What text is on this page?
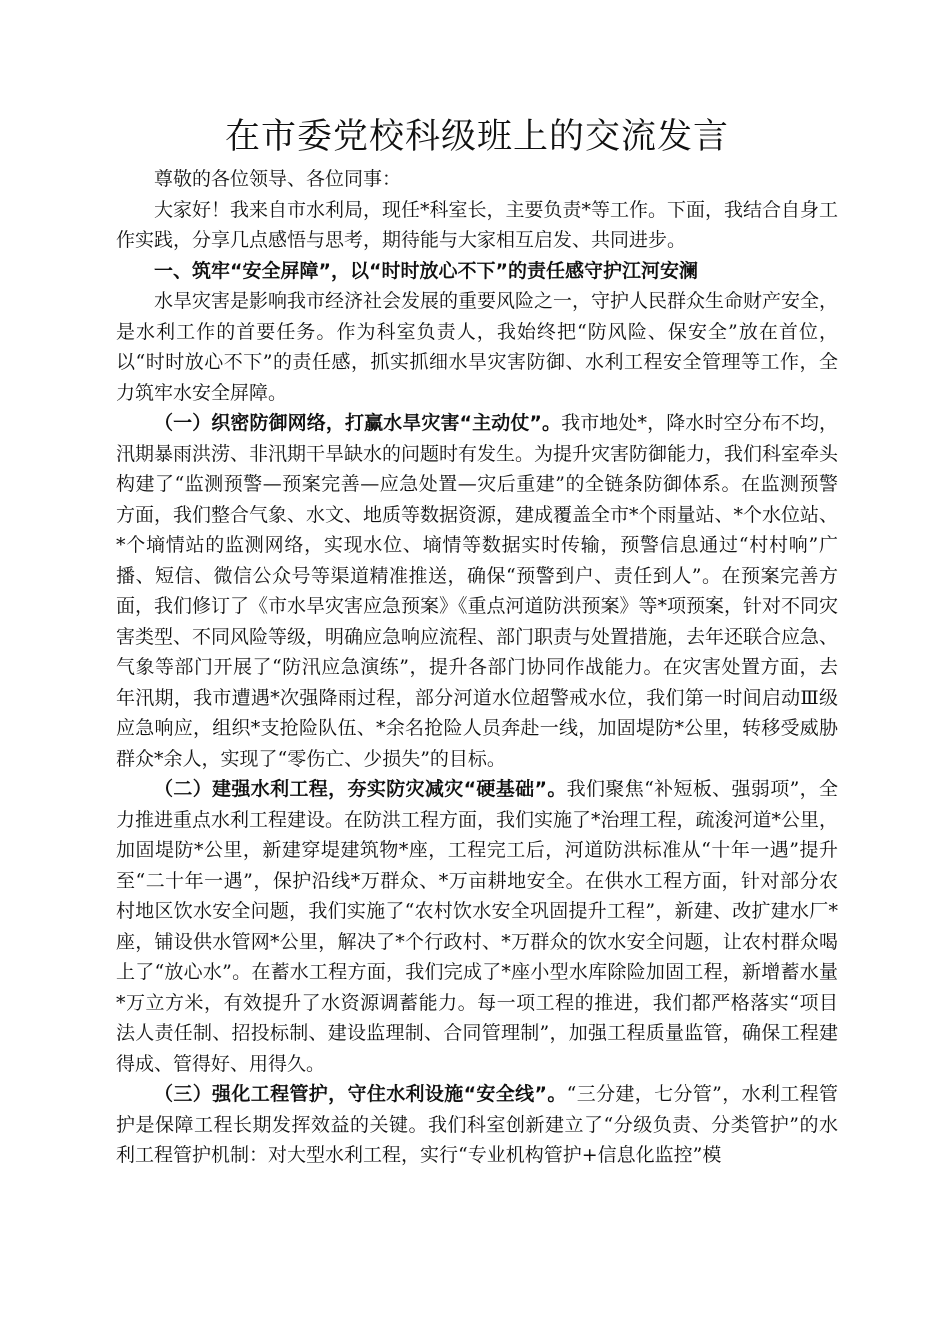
在市委党校科级班上的交流发言

尊敬的各位领导、各位同事：

大家好！我来自市水利局，现任*科室长，主要负责*等工作。下面，我结合自身工作实践，分享几点感悟与思考，期待能与大家相互启发、共同进步。

一、筑牢“安全屏障”，以“时时放心不下”的责任感守护江河安澜

水旱灾害是影响我市经济社会发展的重要风险之一，守护人民群众生命财产安全，是水利工作的首要任务。作为科室负责人，我始终把“防风险、保安全”放在首位，以“时时放心不下”的责任感，抓实抓细水旱灾害防御、水利工程安全管理等工作，全力筑牢水安全屏障。

（一）织密防御网络，打赢水旱灾害“主动仗”。我市地处*，降水时空分布不均，汛期暴雨洪涝、非汛期干旱缺水的问题时有发生。为提升灾害防御能力，我们科室牵头构建了“监测预警—预案完善—应急处置—灾后重建”的全链条防御体系。在监测预警方面，我们整合气象、水文、地质等数据资源，建成覆盖全市*个雨量站、*个水位站、*个墒情站的监测网络，实现水位、墒情等数据实时传输，预警信息通过“村村响”广播、短信、微信公众号等渠道精准推送，确保“预警到户、责任到人”。在预案完善方面，我们修订了《市水旱灾害应急预案》《重点河道防洪预案》等*项预案，针对不同灾害类型、不同风险等级，明确应急响应流程、部门职责与处置措施，去年还联合应急、气象等部门开展了“防汛应急演练”，提升各部门协同作战能力。在灾害处置方面，去年汛期，我市遭遇*次强降雨过程，部分河道水位超警戒水位，我们第一时间启动Ⅲ级应急响应，组织*支抢险队伍、*余名抢险人员奔赴一线，加固堤防*公里，转移受威胁群众*余人，实现了“零伤亡、少损失”的目标。

（二）建强水利工程，夯实防灾减灾“硬基础”。我们聚焦“补短板、强弱项”，全力推进重点水利工程建设。在防洪工程方面，我们实施了*治理工程，疏浚河道*公里，加固堤防*公里，新建穿堤建筑物*座，工程完工后，河道防洪标准从“十年一遇”提升至“二十年一遇”，保护沿线*万群众、*万亩耕地安全。在供水工程方面，针对部分农村地区饮水安全问题，我们实施了“农村饮水安全巩固提升工程”，新建、改扩建水厂*座，铺设供水管网*公里，解决了*个行政村、*万群众的饮水安全问题，让农村群众喝上了“放心水”。在蓄水工程方面，我们完成了*座小型水库除险加固工程，新增蓄水量*万立方米，有效提升了水资源调蓄能力。每一项工程的推进，我们都严格落实“项目法人责任制、招投标制、建设监理制、合同管理制”，加强工程质量监管，确保工程建得成、管得好、用得久。

（三）强化工程管护，守住水利设施“安全线”。“三分建，七分管”，水利工程管护是保障工程长期发挥效益的关键。我们科室创新建立了“分级负责、分类管护”的水利工程管护机制：对大型水利工程，实行“专业机构管护+信息化监控”模
